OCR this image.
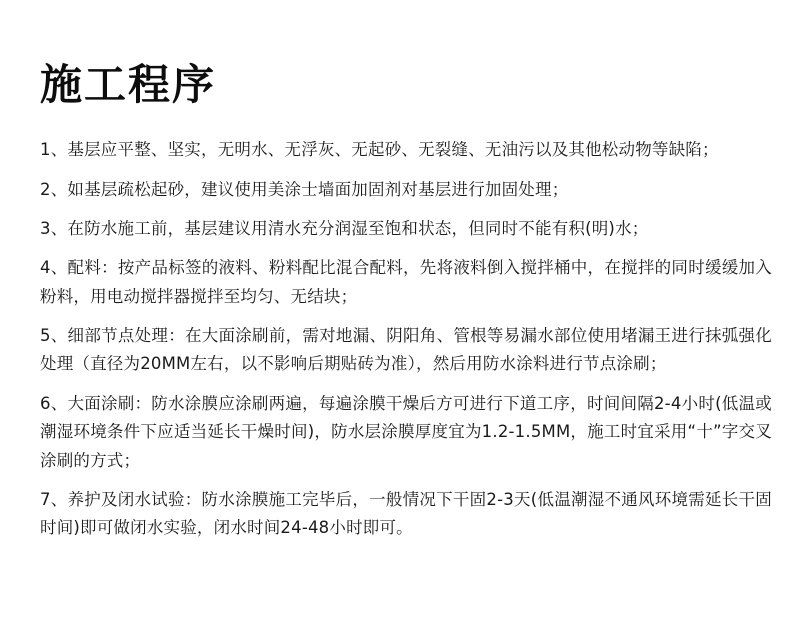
施工程序
1、基层应平整、坚实，无明水、无浮灰、无起砂、无裂缝、无油污以及其他松动物等缺陷；
2、如基层疏松起砂，建议使用美涂士墙面加固剂对基层进行加固处理；
3、在防水施工前，基层建议用清水充分润湿至饱和状态，但同时不能有积(明)水；
4、配料：按产品标签的液料、粉料配比混合配料，先将液料倒入搅拌桶中，在搅拌的同时缓缓加入粉料，用电动搅拌器搅拌至均匀、无结块；
5、细部节点处理：在大面涂刷前，需对地漏、阴阳角、管根等易漏水部位使用堵漏王进行抹弧强化处理（直径为20MM左右，以不影响后期贴砖为准），然后用防水涂料进行节点涂刷；
6、大面涂刷：防水涂膜应涂刷两遍，每遍涂膜干燥后方可进行下道工序，时间间隔2-4小时(低温或潮湿环境条件下应适当延长干燥时间)，防水层涂膜厚度宜为1.2-1.5MM，施工时宜采用“十”字交叉涂刷的方式；
7、养护及闭水试验：防水涂膜施工完毕后，一般情况下干固2-3天(低温潮湿不通风环境需延长干固时间)即可做闭水实验，闭水时间24-48小时即可。
